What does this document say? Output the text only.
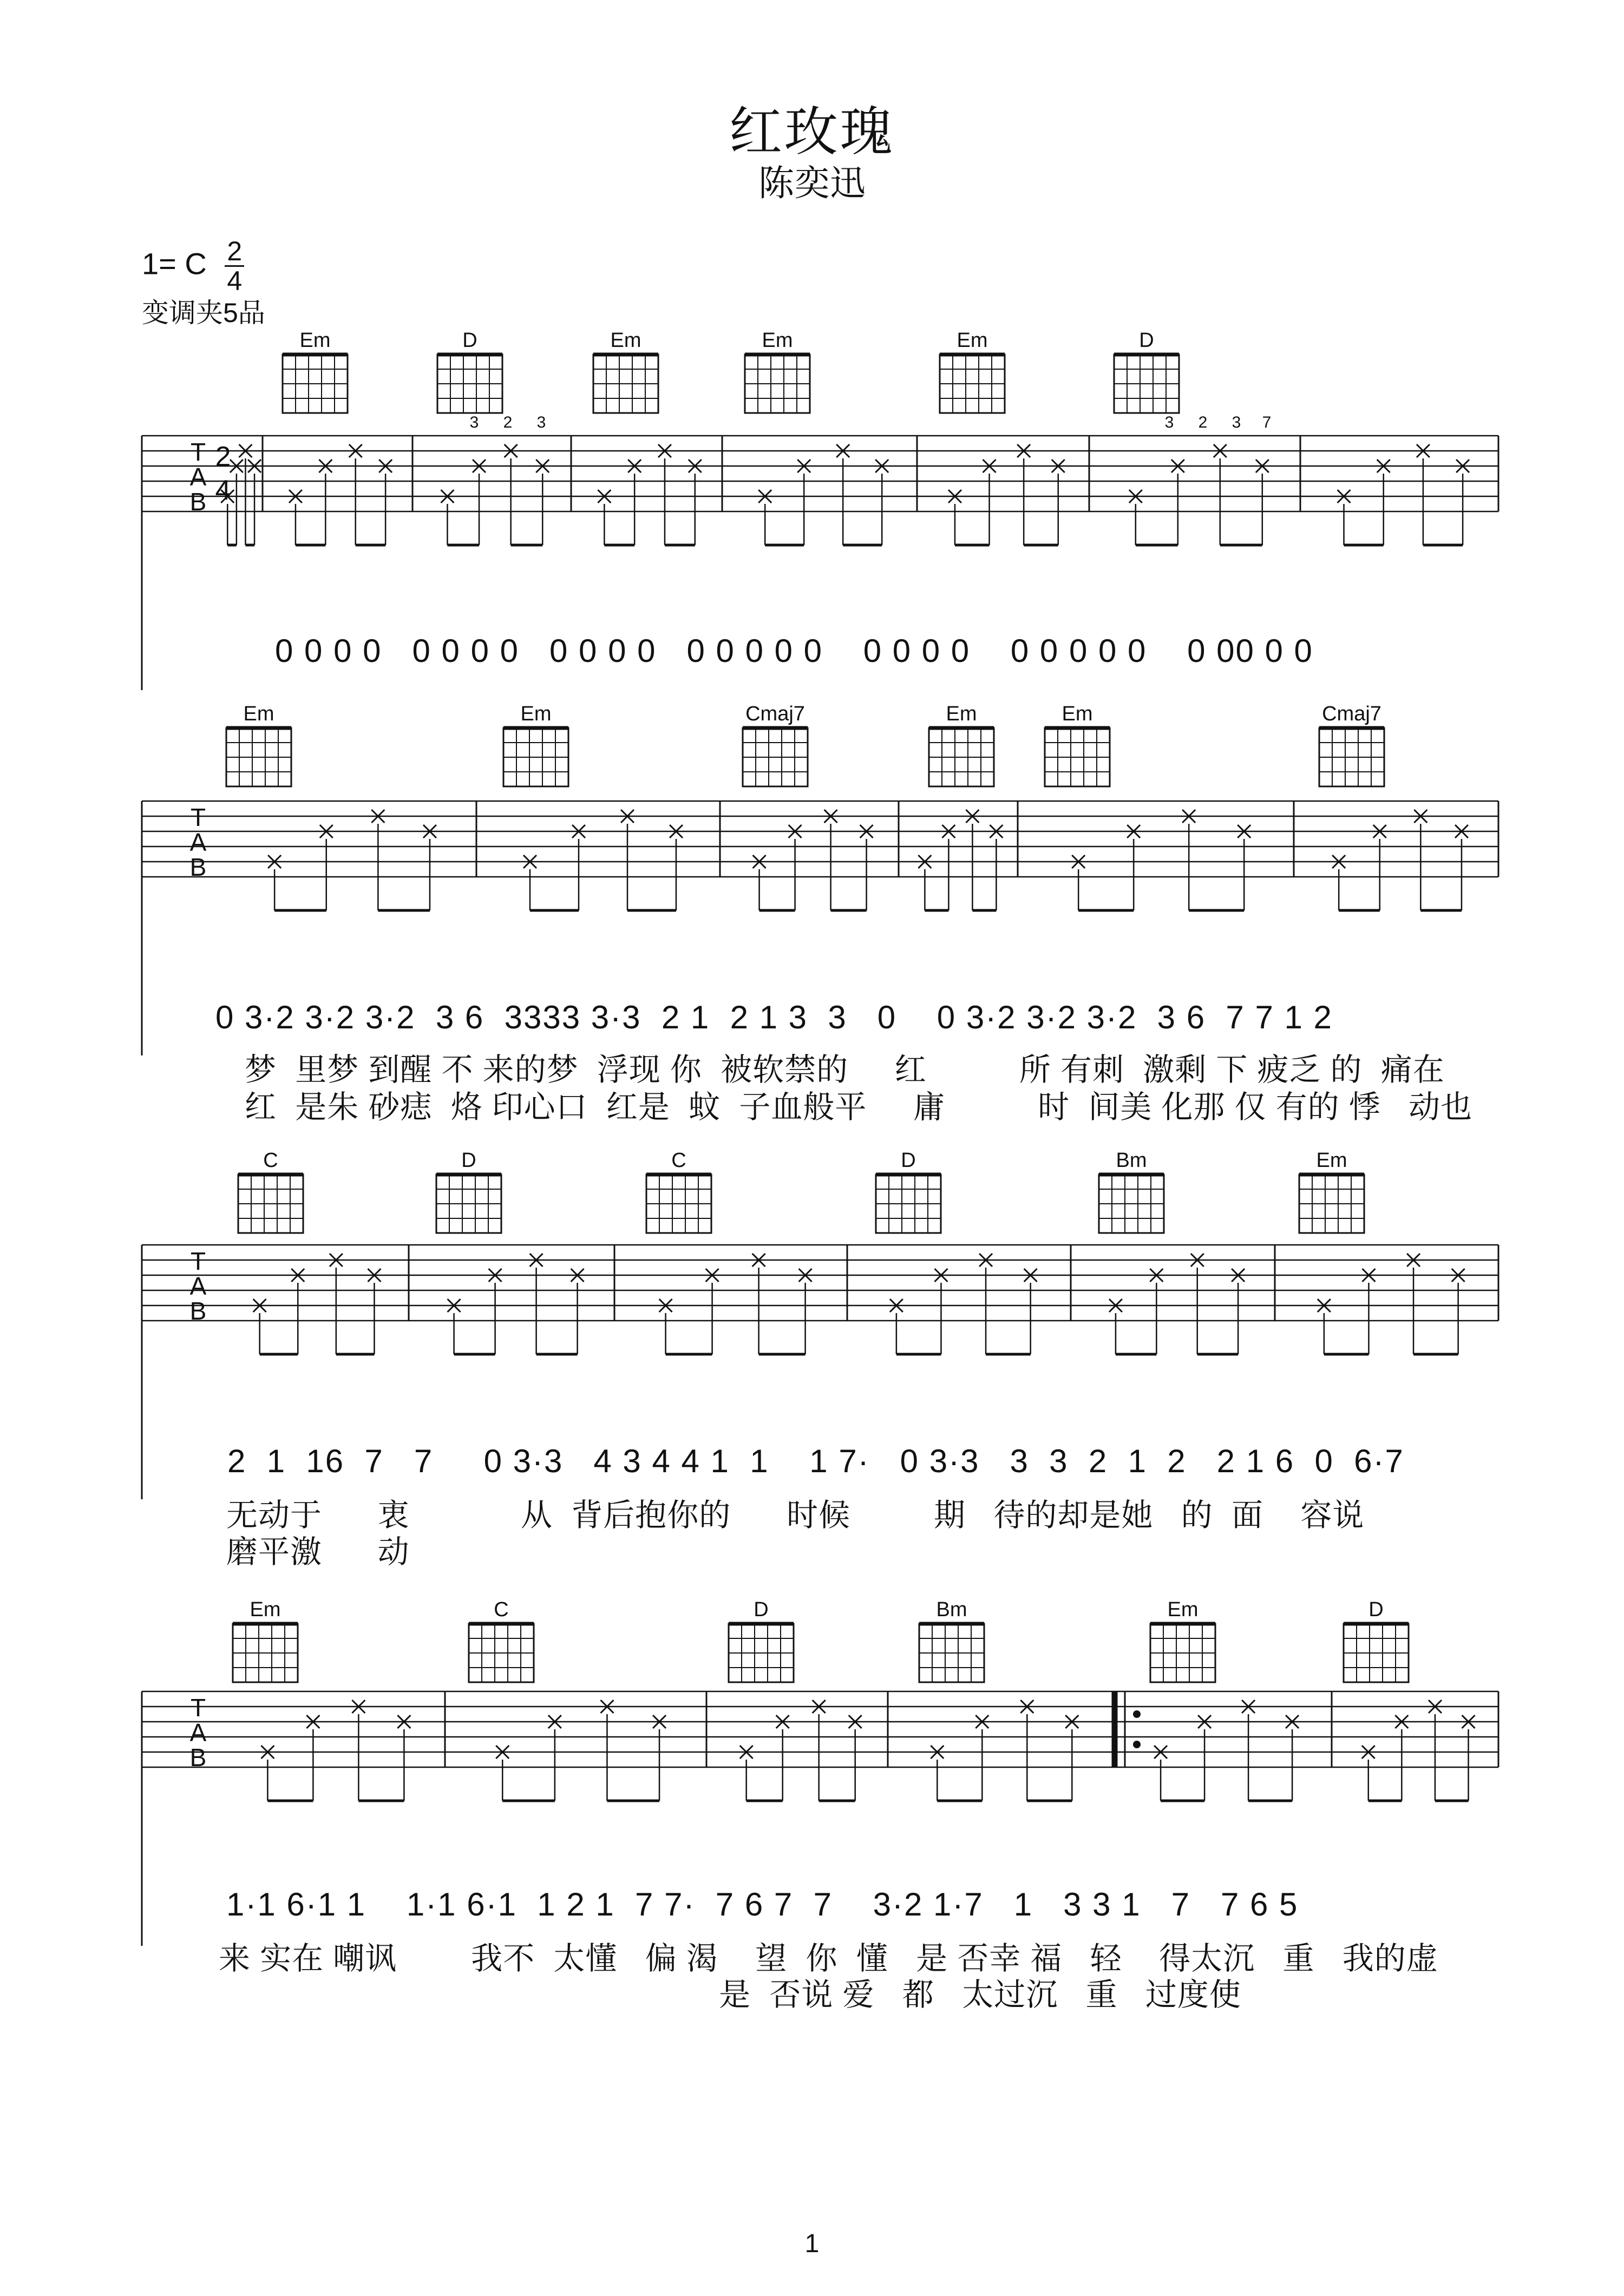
红玫瑰
陈奕迅
1= C $\frac{2}{4}$
变调夹5品
0 0 0 0   0 0 0 0   0 0 0 0   0 0 0 0 0    0 0 0 0    0 0 0 0 0    0 00 0 0
0 3·2 3·2 3·2  3 6  3333 3·3  2 1  2 1 3  3   0    0 3·2 3·2 3·2  3 6  7 7 1 2
梦  里梦 到醒 不 来的梦  浮现 你  被软禁的     红          所 有刺  激剩 下 疲乏 的  痛在
红  是朱 砂痣  烙 印心口  红是  蚊  子血般平     庸          时  间美 化那 仅 有的 悸   动也
2  1  16  7   7     0 3·3   4 3 4 4 1  1    1 7·   0 3·3   3  3  2  1  2   2 1 6  0  6·7
无动于      衷            从  背后抱你的      时候         期   待的却是她   的  面    容说
磨平激      动
1·1 6·1 1    1·1 6·1  1 2 1  7 7·  7 6 7  7    3·2 1·7   1   3 3 1   7   7 6 5
来 实在 嘲讽        我不  太懂   偏 渴    望  你  懂   是 否幸 福   轻    得太沉   重   我的虚
是  否说 爱   都   太过沉   重   过度使
T
A
B
2
4
Em	D	Em	Em	Em	D
T
A
B
Em	Em	Cmaj7	Em	Em	Cmaj7
T
A
B
C	D	C	D	Bm	Em
T
A
B
Em	C	D	Bm	Em	D
3 2 3	3 2 3 7
1
